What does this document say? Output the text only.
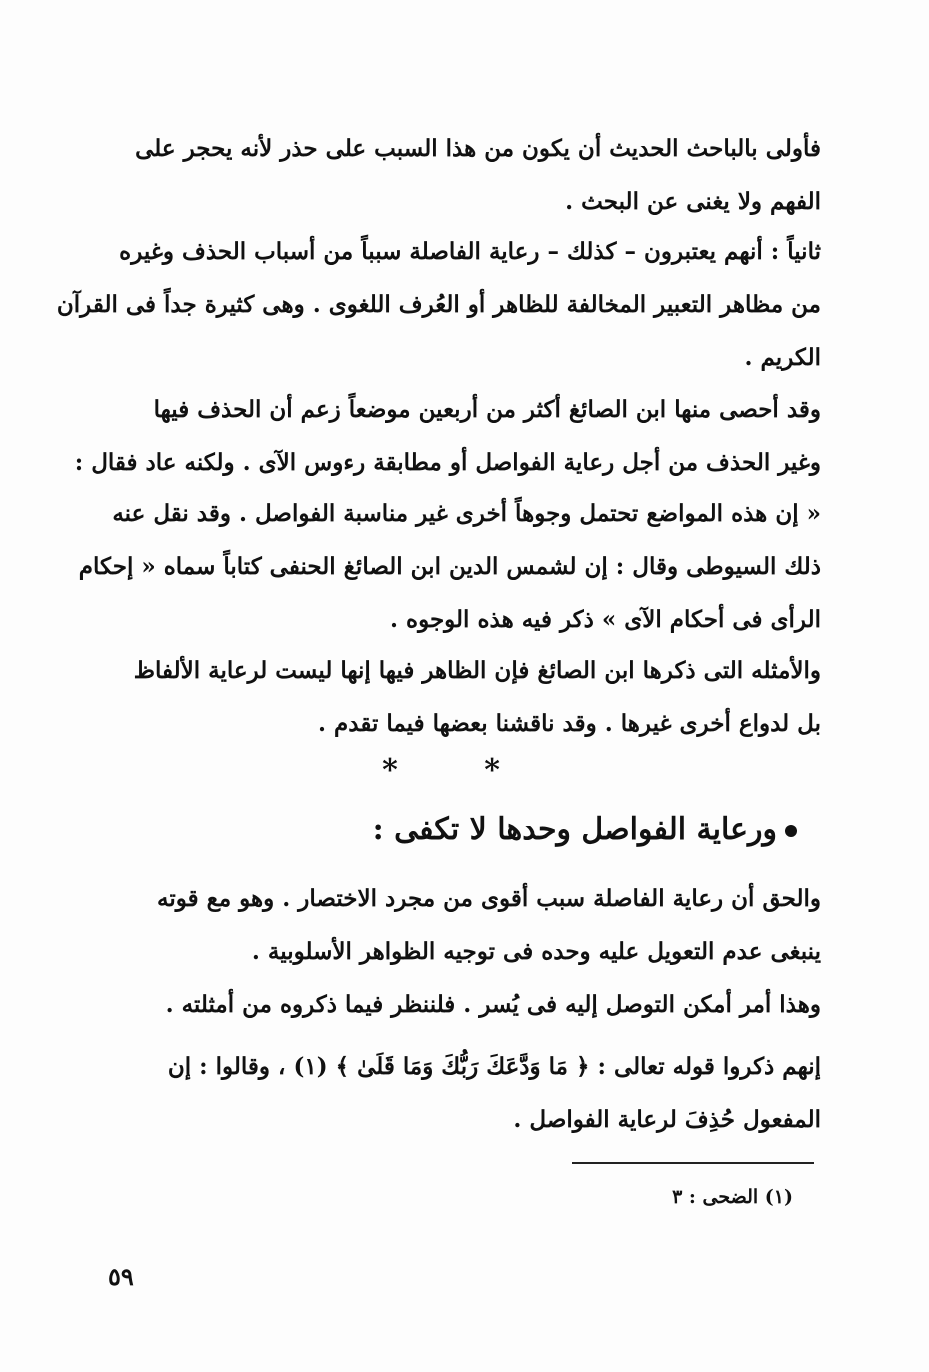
فأولى بالباحث الحديث أن يكون من هذا السبب على حذر لأنه يحجر على
الفهم ولا يغنى عن البحث .
ثانياً : أنهم يعتبرون – كذلك – رعاية الفاصلة سبباً من أسباب الحذف وغيره
من مظاهر التعبير المخالفة للظاهر أو العُرف اللغوى . وهى كثيرة جداً فى القرآن
الكريم .
وقد أحصى منها ابن الصائغ أكثر من أربعين موضعاً زعم أن الحذف فيها
وغير الحذف من أجل رعاية الفواصل أو مطابقة رءوس الآى . ولكنه عاد فقال :
« إن هذه المواضع تحتمل وجوهاً أخرى غير مناسبة الفواصل . وقد نقل عنه
ذلك السيوطى وقال : إن لشمس الدين ابن الصائغ الحنفى كتاباً سماه « إحكام
الرأى فى أحكام الآى » ذكر فيه هذه الوجوه .
والأمثله التى ذكرها ابن الصائغ فإن الظاهر فيها إنها ليست لرعاية الألفاظ
بل لدواع أخرى غيرها . وقد ناقشنا بعضها فيما تقدم .
* *
ورعاية الفواصل وحدها لا تكفى :
والحق أن رعاية الفاصلة سبب أقوى من مجرد الاختصار . وهو مع قوته
ينبغى عدم التعويل عليه وحده فى توجيه الظواهر الأسلوبية .
وهذا أمر أمكن التوصل إليه فى يُسر . فلننظر فيما ذكروه من أمثلته .
إنهم ذكروا قوله تعالى : ﴿ مَا وَدَّعَكَ رَبُّكَ وَمَا قَلَىٰ ﴾ (١) ، وقالوا : إن
المفعول حُذِفَ لرعاية الفواصل .
(١) الضحى : ٣
٥٩
